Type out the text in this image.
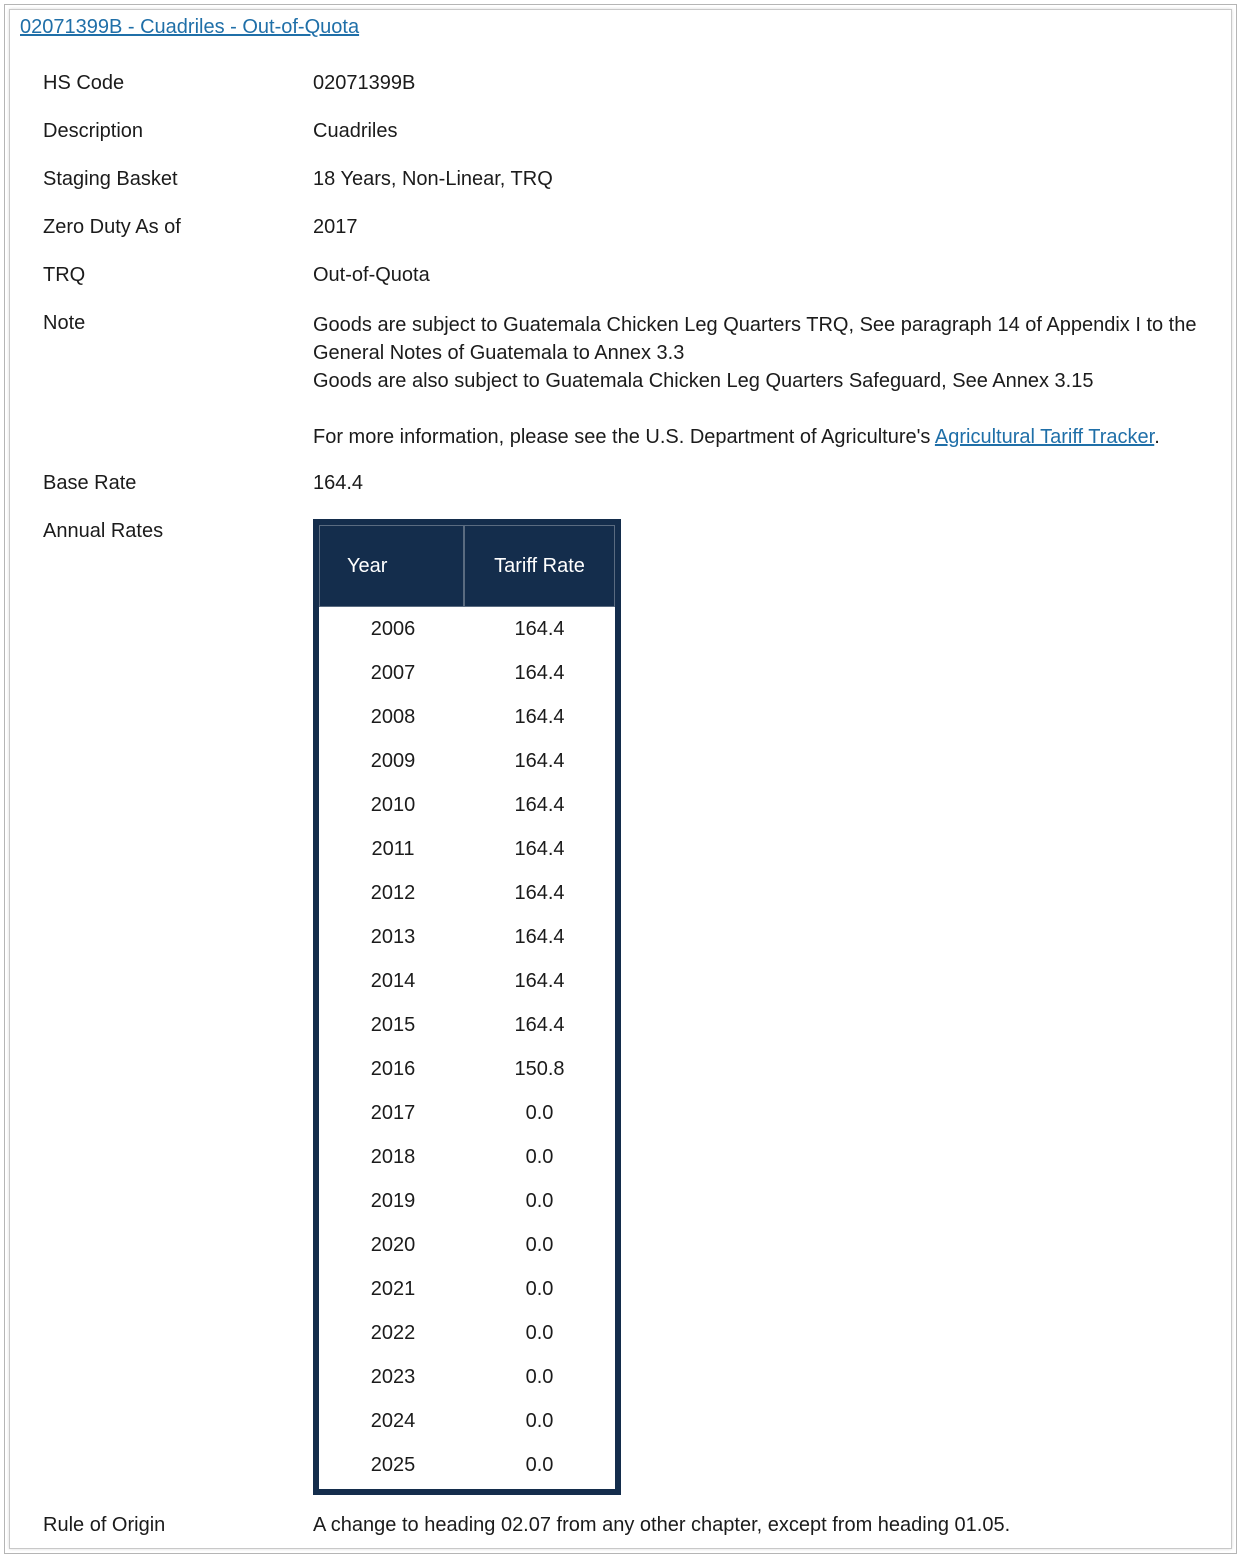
02071399B - Cuadriles - Out-of-Quota
HS Code	02071399B
Description	Cuadriles
Staging Basket	18 Years, Non-Linear, TRQ
Zero Duty As of	2017
TRQ	Out-of-Quota
Note	Goods are subject to Guatemala Chicken Leg Quarters TRQ, See paragraph 14 of Appendix I to the
General Notes of Guatemala to Annex 3.3
Goods are also subject to Guatemala Chicken Leg Quarters Safeguard, See Annex 3.15

For more information, please see the U.S. Department of Agriculture's Agricultural Tariff Tracker.
Base Rate	164.4
Annual Rates
Year	Tariff Rate
2006	164.4
2007	164.4
2008	164.4
2009	164.4
2010	164.4
2011	164.4
2012	164.4
2013	164.4
2014	164.4
2015	164.4
2016	150.8
2017	0.0
2018	0.0
2019	0.0
2020	0.0
2021	0.0
2022	0.0
2023	0.0
2024	0.0
2025	0.0
Rule of Origin	A change to heading 02.07 from any other chapter, except from heading 01.05.
